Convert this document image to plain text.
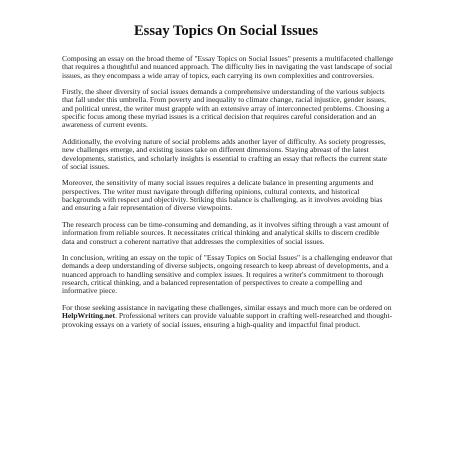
Essay Topics On Social Issues

Composing an essay on the broad theme of "Essay Topics on Social Issues" presents a multifaceted challenge that requires a thoughtful and nuanced approach. The difficulty lies in navigating the vast landscape of social issues, as they encompass a wide array of topics, each carrying its own complexities and controversies.

Firstly, the sheer diversity of social issues demands a comprehensive understanding of the various subjects that fall under this umbrella. From poverty and inequality to climate change, racial injustice, gender issues, and political unrest, the writer must grapple with an extensive array of interconnected problems. Choosing a specific focus among these myriad issues is a critical decision that requires careful consideration and an awareness of current events.

Additionally, the evolving nature of social problems adds another layer of difficulty. As society progresses, new challenges emerge, and existing issues take on different dimensions. Staying abreast of the latest developments, statistics, and scholarly insights is essential to crafting an essay that reflects the current state of social issues.

Moreover, the sensitivity of many social issues requires a delicate balance in presenting arguments and perspectives. The writer must navigate through differing opinions, cultural contexts, and historical backgrounds with respect and objectivity. Striking this balance is challenging, as it involves avoiding bias and ensuring a fair representation of diverse viewpoints.

The research process can be time-consuming and demanding, as it involves sifting through a vast amount of information from reliable sources. It necessitates critical thinking and analytical skills to discern credible data and construct a coherent narrative that addresses the complexities of social issues.

In conclusion, writing an essay on the topic of "Essay Topics on Social Issues" is a challenging endeavor that demands a deep understanding of diverse subjects, ongoing research to keep abreast of developments, and a nuanced approach to handling sensitive and complex issues. It requires a writer's commitment to thorough research, critical thinking, and a balanced representation of perspectives to create a compelling and informative piece.

For those seeking assistance in navigating these challenges, similar essays and much more can be ordered on HelpWriting.net. Professional writers can provide valuable support in crafting well-researched and thought-provoking essays on a variety of social issues, ensuring a high-quality and impactful final product.
